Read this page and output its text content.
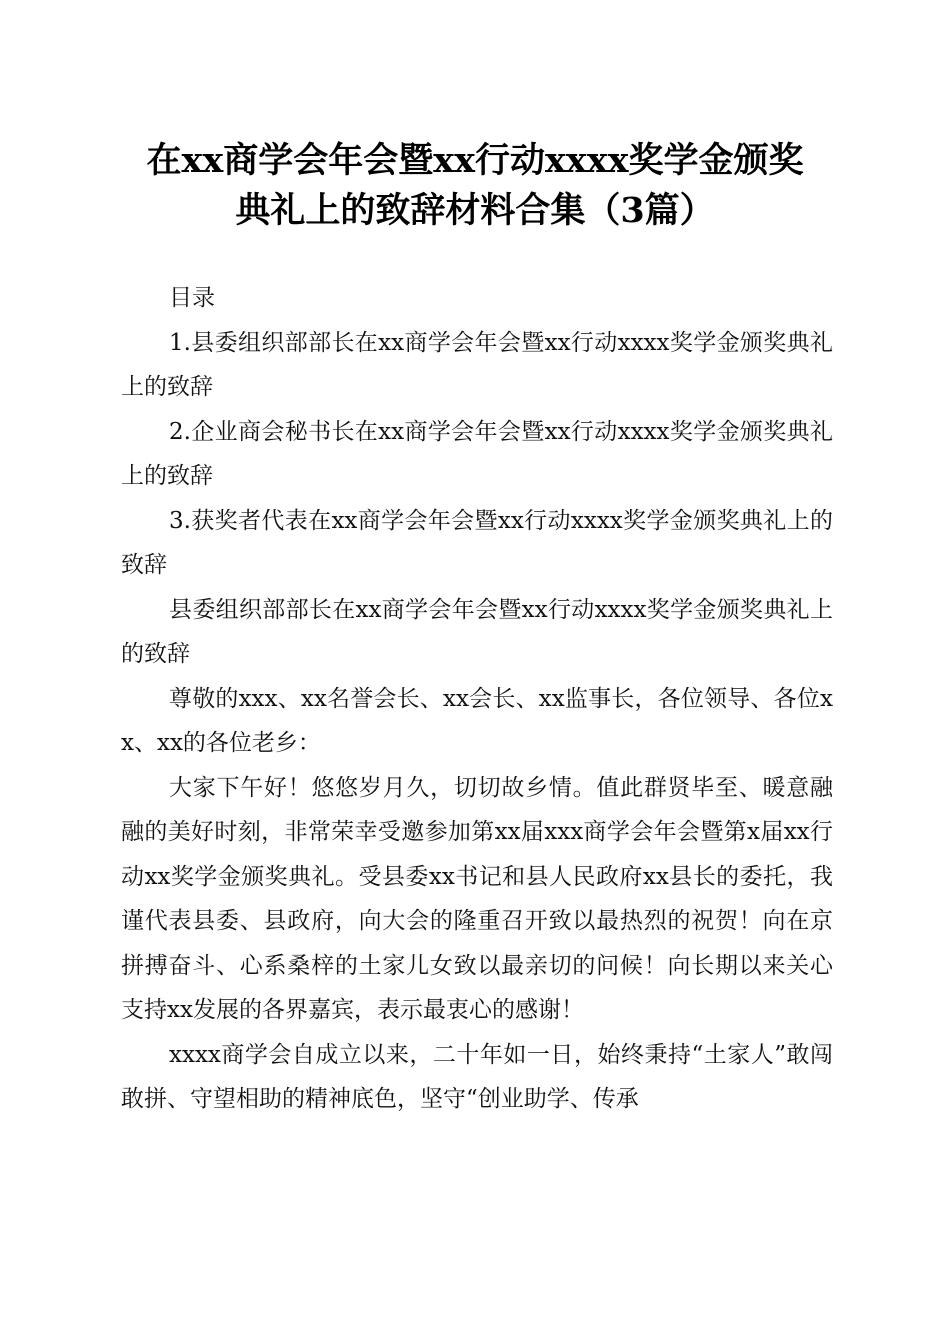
在xx商学会年会暨xx行动xxxx奖学金颁奖
典礼上的致辞材料合集（3篇）

目录

1.县委组织部部长在xx商学会年会暨xx行动xxxx奖学金颁奖典礼上的致辞

2.企业商会秘书长在xx商学会年会暨xx行动xxxx奖学金颁奖典礼上的致辞

3.获奖者代表在xx商学会年会暨xx行动xxxx奖学金颁奖典礼上的致辞

县委组织部部长在xx商学会年会暨xx行动xxxx奖学金颁奖典礼上的致辞

尊敬的xxx、xx名誉会长、xx会长、xx监事长，各位领导、各位xx、xx的各位老乡：

大家下午好！悠悠岁月久，切切故乡情。值此群贤毕至、暖意融融的美好时刻，非常荣幸受邀参加第xx届xxx商学会年会暨第x届xx行动xx奖学金颁奖典礼。受县委xx书记和县人民政府xx县长的委托，我谨代表县委、县政府，向大会的隆重召开致以最热烈的祝贺！向在京拼搏奋斗、心系桑梓的土家儿女致以最亲切的问候！向长期以来关心支持xx发展的各界嘉宾，表示最衷心的感谢！

xxxx商学会自成立以来，二十年如一日，始终秉持“土家人”敢闯敢拼、守望相助的精神底色，坚守“创业助学、传承
